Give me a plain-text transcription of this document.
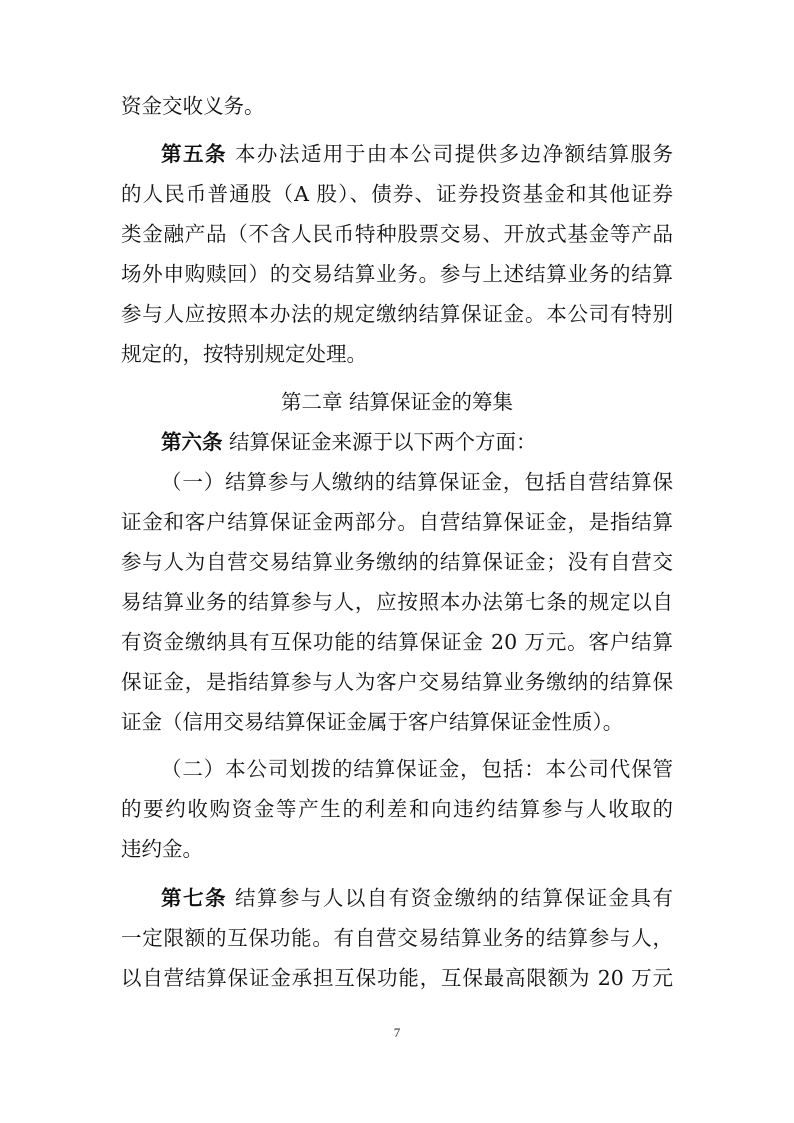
资金交收义务。
第五条 本办法适用于由本公司提供多边净额结算服务
的人民币普通股（A 股）、债券、证券投资基金和其他证券
类金融产品（不含人民币特种股票交易、开放式基金等产品
场外申购赎回）的交易结算业务。参与上述结算业务的结算
参与人应按照本办法的规定缴纳结算保证金。本公司有特别
规定的，按特别规定处理。
第二章 结算保证金的筹集
第六条 结算保证金来源于以下两个方面：
（一）结算参与人缴纳的结算保证金，包括自营结算保
证金和客户结算保证金两部分。自营结算保证金，是指结算
参与人为自营交易结算业务缴纳的结算保证金；没有自营交
易结算业务的结算参与人，应按照本办法第七条的规定以自
有资金缴纳具有互保功能的结算保证金 20 万元。客户结算
保证金，是指结算参与人为客户交易结算业务缴纳的结算保
证金（信用交易结算保证金属于客户结算保证金性质）。
（二）本公司划拨的结算保证金，包括：本公司代保管
的要约收购资金等产生的利差和向违约结算参与人收取的
违约金。
第七条 结算参与人以自有资金缴纳的结算保证金具有
一定限额的互保功能。有自营交易结算业务的结算参与人，
以自营结算保证金承担互保功能，互保最高限额为 20 万元
7
